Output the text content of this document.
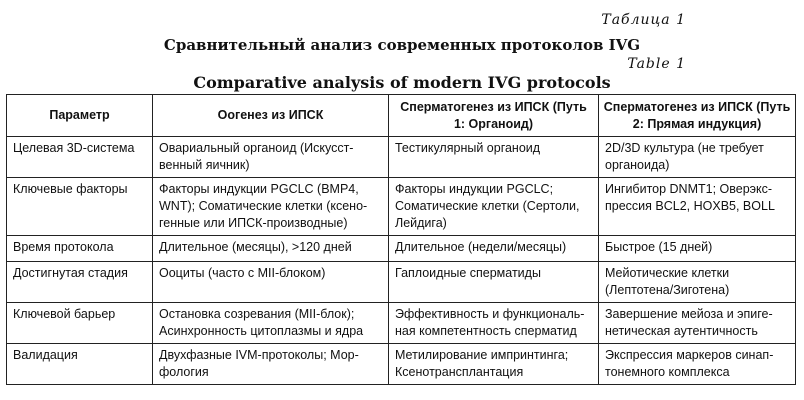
Таблица 1
Сравнительный анализ современных протоколов IVG
Table 1
Comparative analysis of modern IVG protocols
Параметр	Оогенез из ИПСК	Сперматогенез из ИПСК (Путь 1: Органоид)	Сперматогенез из ИПСК (Путь 2: Прямая индукция)
Целевая 3D-система	Овариальный органоид (Искусственный яичник)	Тестикулярный органоид	2D/3D культура (не требует органоида)
Ключевые факторы	Факторы индукции PGCLC (BMP4, WNT); Соматические клетки (ксеногенные или ИПСК-производные)	Факторы индукции PGCLC; Соматические клетки (Сертоли, Лейдига)	Ингибитор DNMT1; Оверэкспрессия BCL2, HOXB5, BOLL
Время протокола	Длительное (месяцы), >120 дней	Длительное (недели/месяцы)	Быстрое (15 дней)
Достигнутая стадия	Ооциты (часто с MII-блоком)	Гаплоидные сперматиды	Мейотические клетки (Лептотена/Зиготена)
Ключевой барьер	Остановка созревания (MII-блок); Асинхронность цитоплазмы и ядра	Эффективность и функциональная компетентность сперматид	Завершение мейоза и эпигенетическая аутентичность
Валидация	Двухфазные IVM-протоколы; Морфология	Метилирование импринтинга; Ксенотрансплантация	Экспрессия маркеров синаптонемного комплекса
